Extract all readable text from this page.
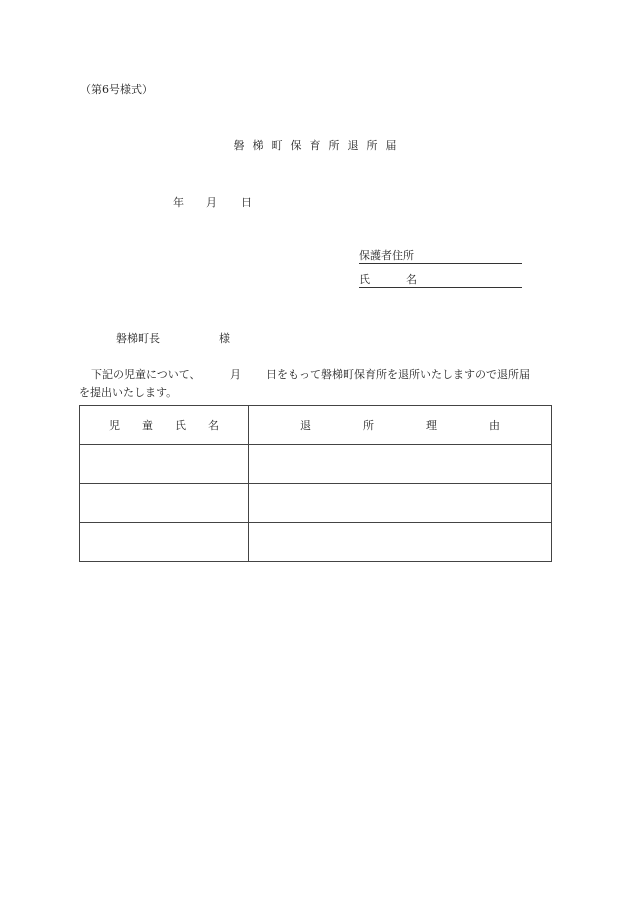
（第6号様式）
磐 梯 町 保 育 所 退 所 届
年 月 日
保護者住所
氏	名
磐梯町長	様
下記の児童について、	月 日をもって磐梯町保育所を退所いたしますので退所届
を提出いたします。
児 童 氏 名	退 所 理 由
